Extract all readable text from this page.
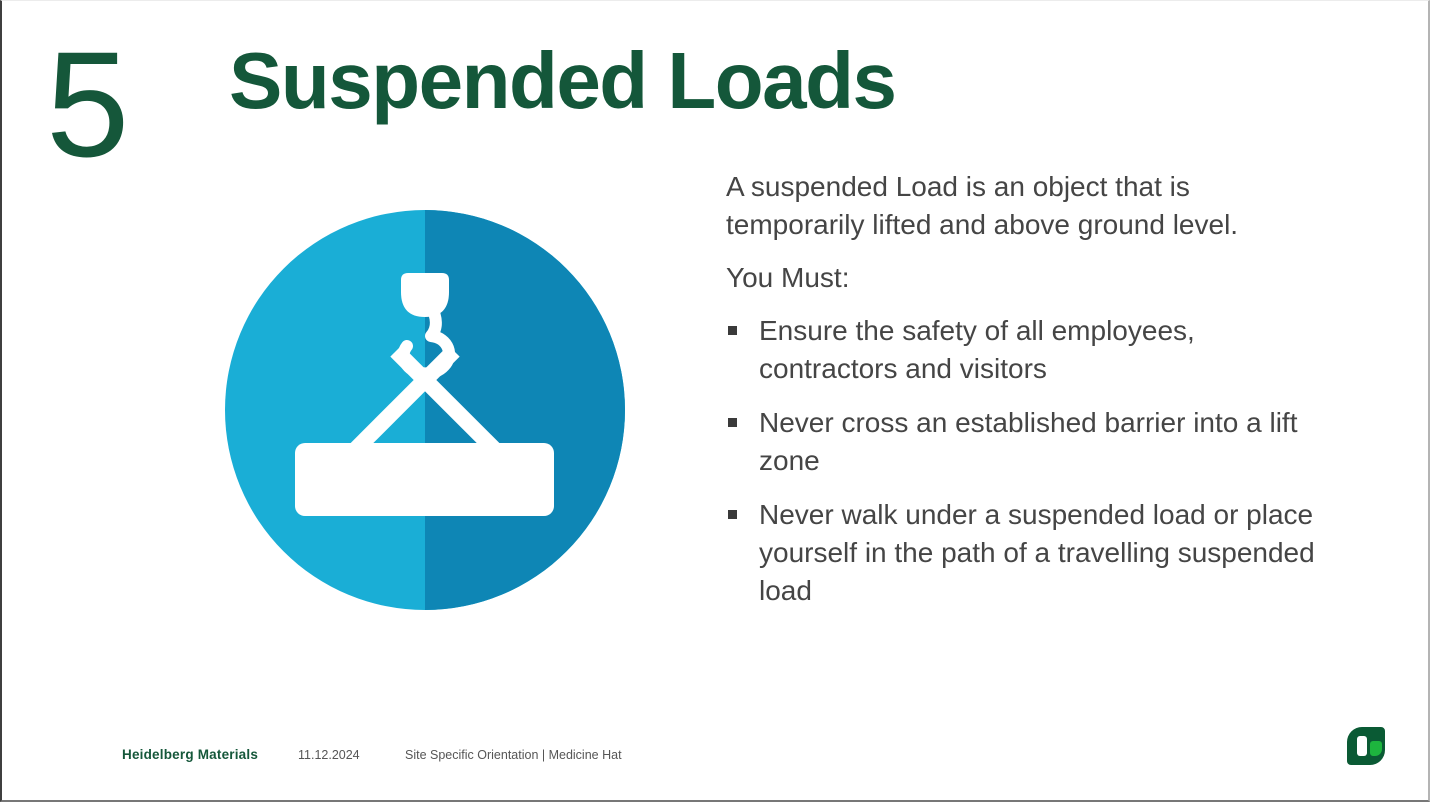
5 Suspended Loads

A suspended Load is an object that is
temporarily lifted and above ground level.

You Must:

Ensure the safety of all employees,
contractors and visitors
Never cross an established barrier into a lift
zone
Never walk under a suspended load or place
yourself in the path of a travelling suspended
load
Heidelberg Materials	11.12.2024	Site Specific Orientation | Medicine Hat
